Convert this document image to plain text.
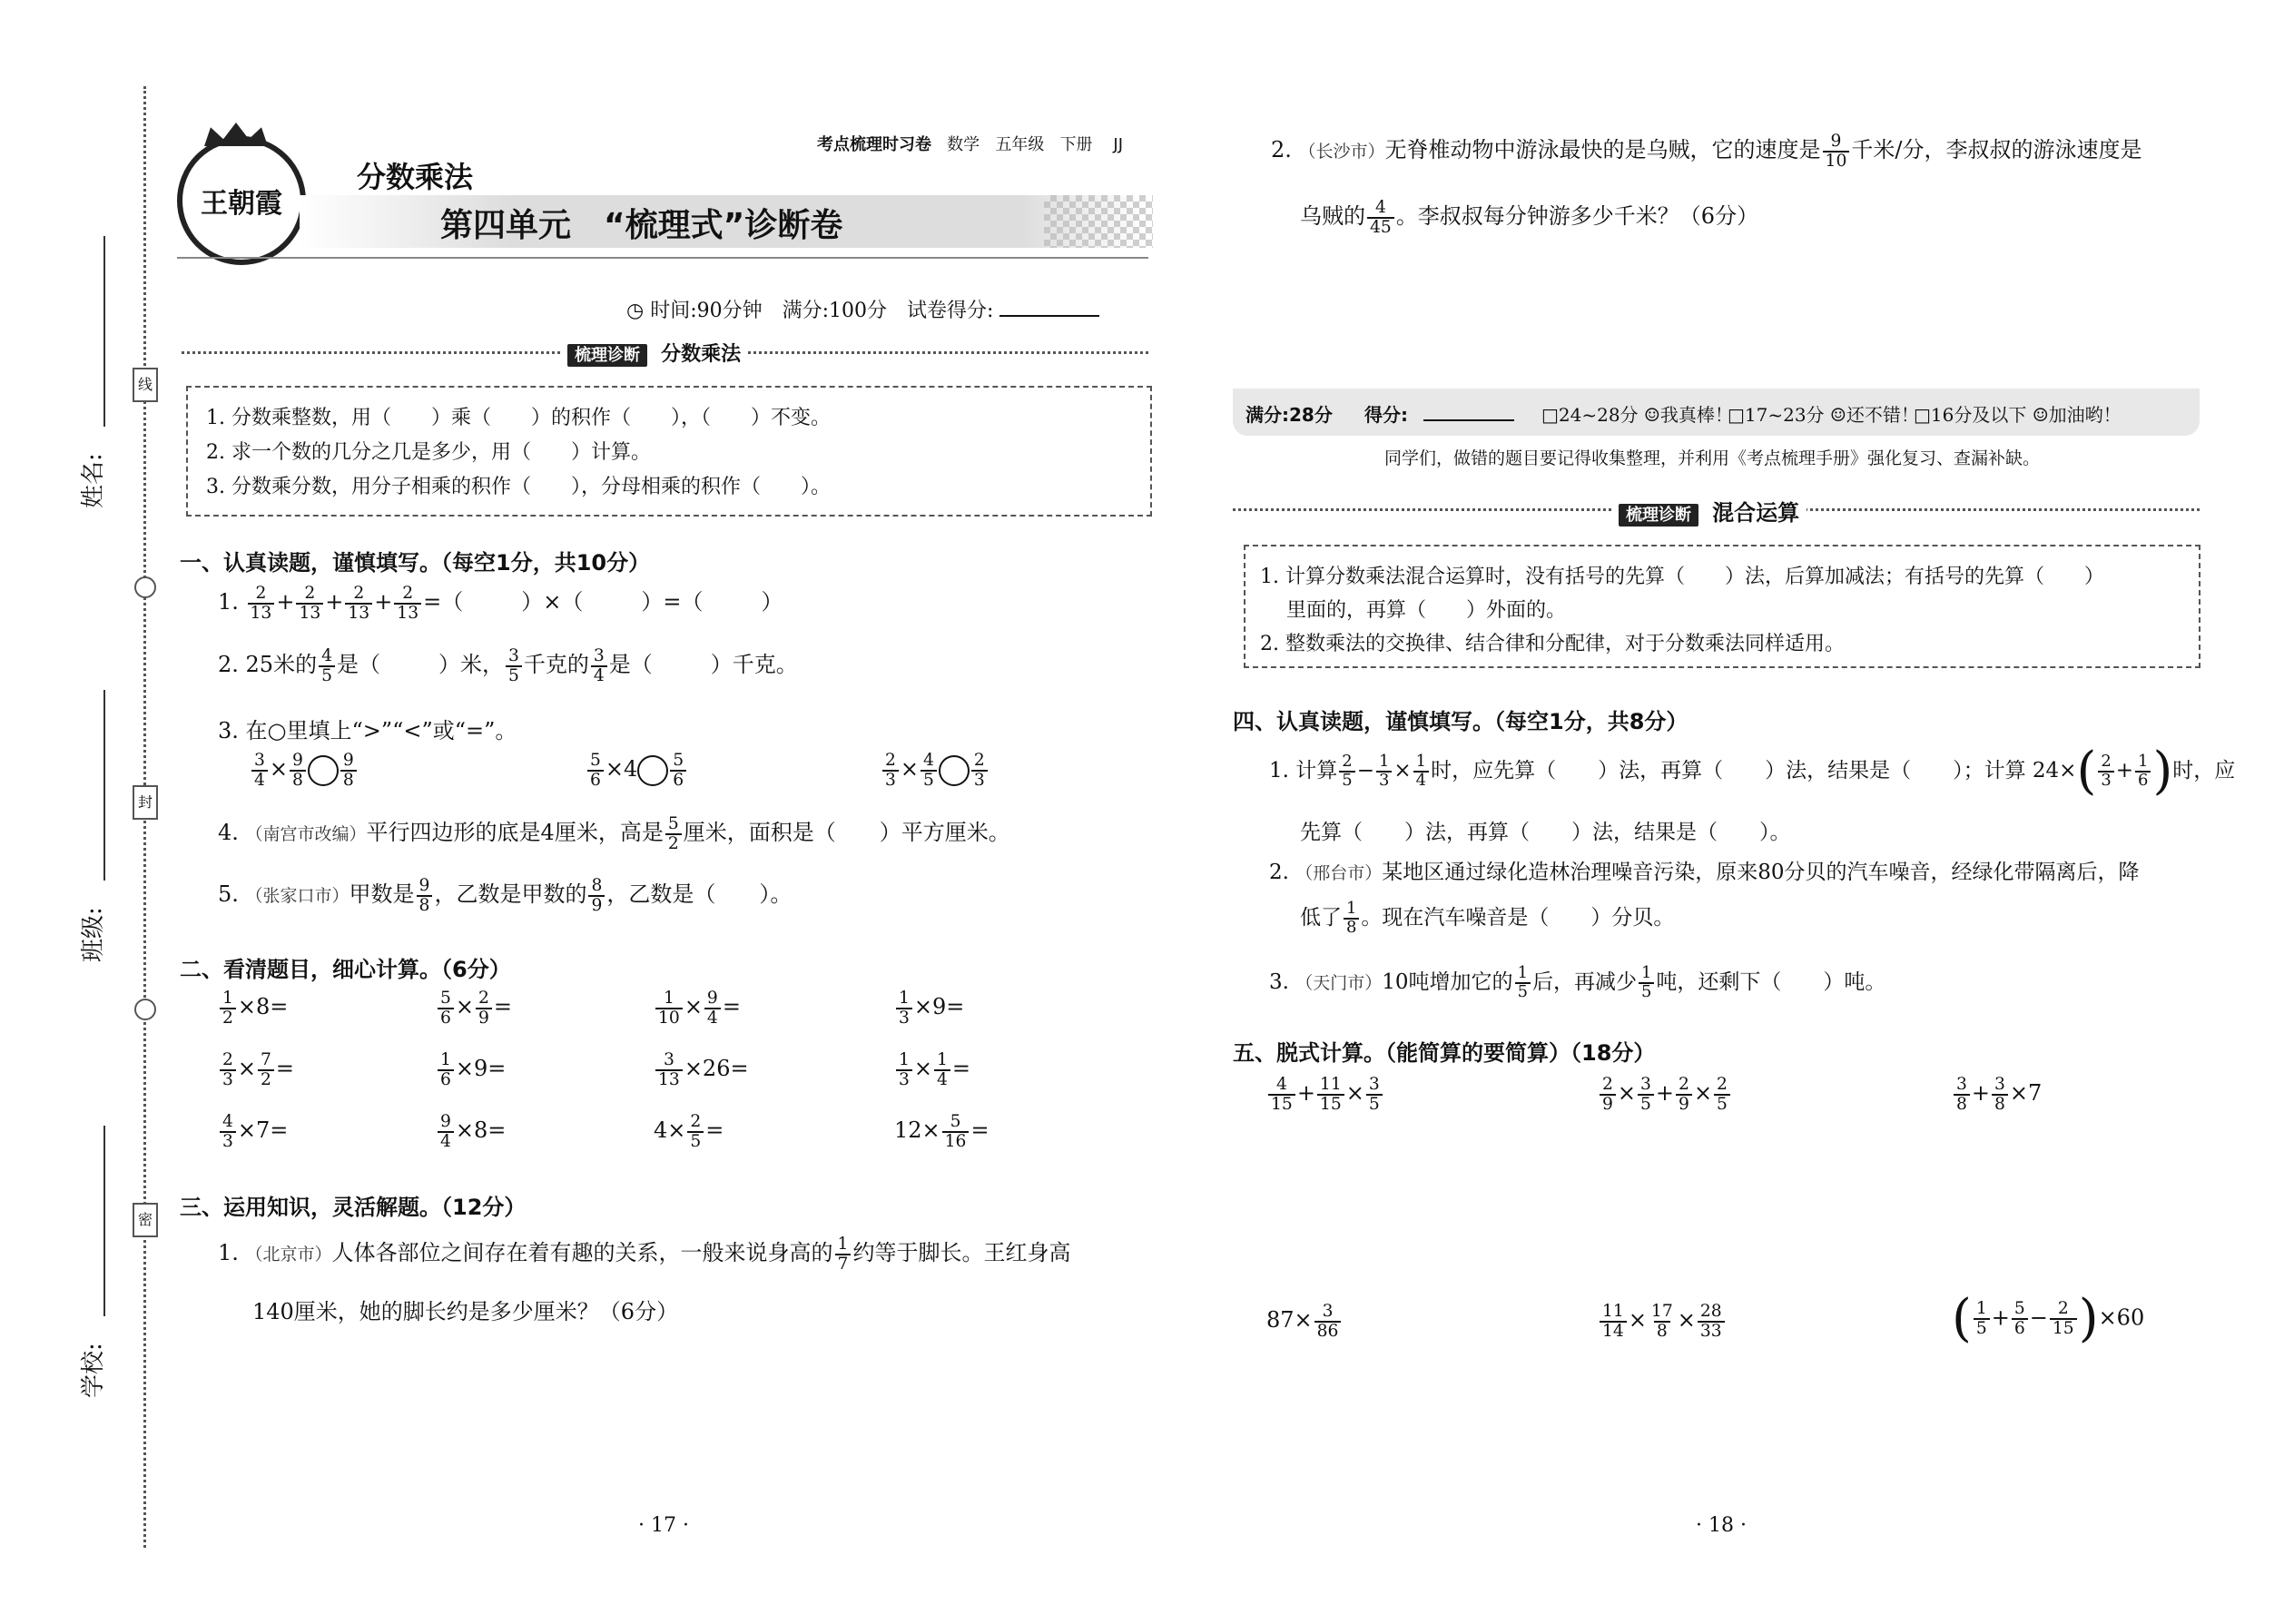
线
封
密
姓名:
班级:
学校:
王朝霞
考点梳理时习卷 数学 五年级 下册 JJ
分数乘法
第四单元　“梳理式”诊断卷
◷ 时间:90分钟　满分:100分　试卷得分:
梳理诊断 分数乘法
1. 分数乘整数，用（　　）乘（　　）的积作（　　），（　　）不变。
2. 求一个数的几分之几是多少，用（　　）计算。
3. 分数乘分数，用分子相乘的积作（　　），分母相乘的积作（　　）。
一、认真读题，谨慎填写。（每空1分，共10分）
1. $\frac{2}{13} + \frac{2}{13} + \frac{2}{13} + \frac{2}{13}$ =（	）×（	）=（	）
2. 25米的 $\frac{4}{5}$ 是（	）米， $\frac{3}{5}$ 千克的 $\frac{3}{4}$ 是（	）千克。
3. 在○里填上“>”“<”或“=”。
$\frac{3}{4} \times \frac{9}{8} \frac{9}{8}$	$\frac{5}{6} \times 4 \frac{5}{6}$	$\frac{2}{3} \times \frac{4}{5} \frac{2}{3}$
4. （南宫市改编）平行四边形的底是4厘米，高是 $\frac{5}{2}$ 厘米，面积是（　　）平方厘米。
5. （张家口市）甲数是 $\frac{9}{8}$ ，乙数是甲数的 $\frac{8}{9}$ ，乙数是（　　）。
二、看清题目，细心计算。（6分）
$\frac{1}{2} \times 8=$	$\frac{5}{6} \times \frac{2}{9}$ =	$\frac{1}{10} \times \frac{9}{4}$ =	$\frac{1}{3} \times 9=$
$\frac{2}{3} \times \frac{7}{2}$ =	$\frac{1}{6} \times 9=$	$\frac{3}{13} \times 26=$	$\frac{1}{3} \times \frac{1}{4}$ =
$\frac{4}{3} \times 7=$	$\frac{9}{4} \times 8=$	$4\times \frac{2}{5}$ =	$12\times \frac{5}{16}$ =
三、运用知识，灵活解题。（12分）
1. （北京市）人体各部位之间存在着有趣的关系，一般来说身高的 $\frac{1}{7}$ 约等于脚长。王红身高
140厘米，她的脚长约是多少厘米？（6分）
· 17 ·
2. （长沙市）无脊椎动物中游泳最快的是乌贼，它的速度是 $\frac{9}{10}$ 千米/分，李叔叔的游泳速度是
乌贼的 $\frac{4}{45}$ 。李叔叔每分钟游多少千米？（6分）
满分:28分 得分:	□24~28分 ☺我真棒！
□17~23分 ☺还不错！
□16分及以下 ☺加油哟！
同学们，做错的题目要记得收集整理，并利用《考点梳理手册》强化复习、查漏补缺。
梳理诊断 混合运算
1. 计算分数乘法混合运算时，没有括号的先算（　　）法，后算加减法；有括号的先算（　　）
　 里面的，再算（　　）外面的。
2. 整数乘法的交换律、结合律和分配律，对于分数乘法同样适用。
四、认真读题，谨慎填写。（每空1分，共8分）
1. 计算 $\frac{2}{5} - \frac{1}{3} \times \frac{1}{4}$ 时，应先算（　　）法，再算（　　）法，结果是（　　）；计算 $24\times( \frac{2}{3} + \frac{1}{6}$ )时，应
先算（　　）法，再算（　　）法，结果是（　　）。
2. （邢台市）某地区通过绿化造林治理噪音污染，原来80分贝的汽车噪音，经绿化带隔离后，降
低了 $\frac{1}{8}$ 。现在汽车噪音是（　　）分贝。
3. （天门市）10吨增加它的 $\frac{1}{5}$ 后，再减少 $\frac{1}{5}$ 吨，还剩下（　　）吨。
五、脱式计算。（能简算的要简算）（18分）
$\frac{4}{15} + \frac{11}{15} \times \frac{3}{5}$	$\frac{2}{9} \times \frac{3}{5} + \frac{2}{9} \times \frac{2}{5}$	$\frac{3}{8} + \frac{3}{8} \times 7$
$87\times \frac{3}{86}$	$\frac{11}{14} \times \frac{17}{8} \times \frac{28}{33}$	( $\frac{1}{5} + \frac{5}{6} - \frac{2}{15} )\times 60$
· 18 ·
